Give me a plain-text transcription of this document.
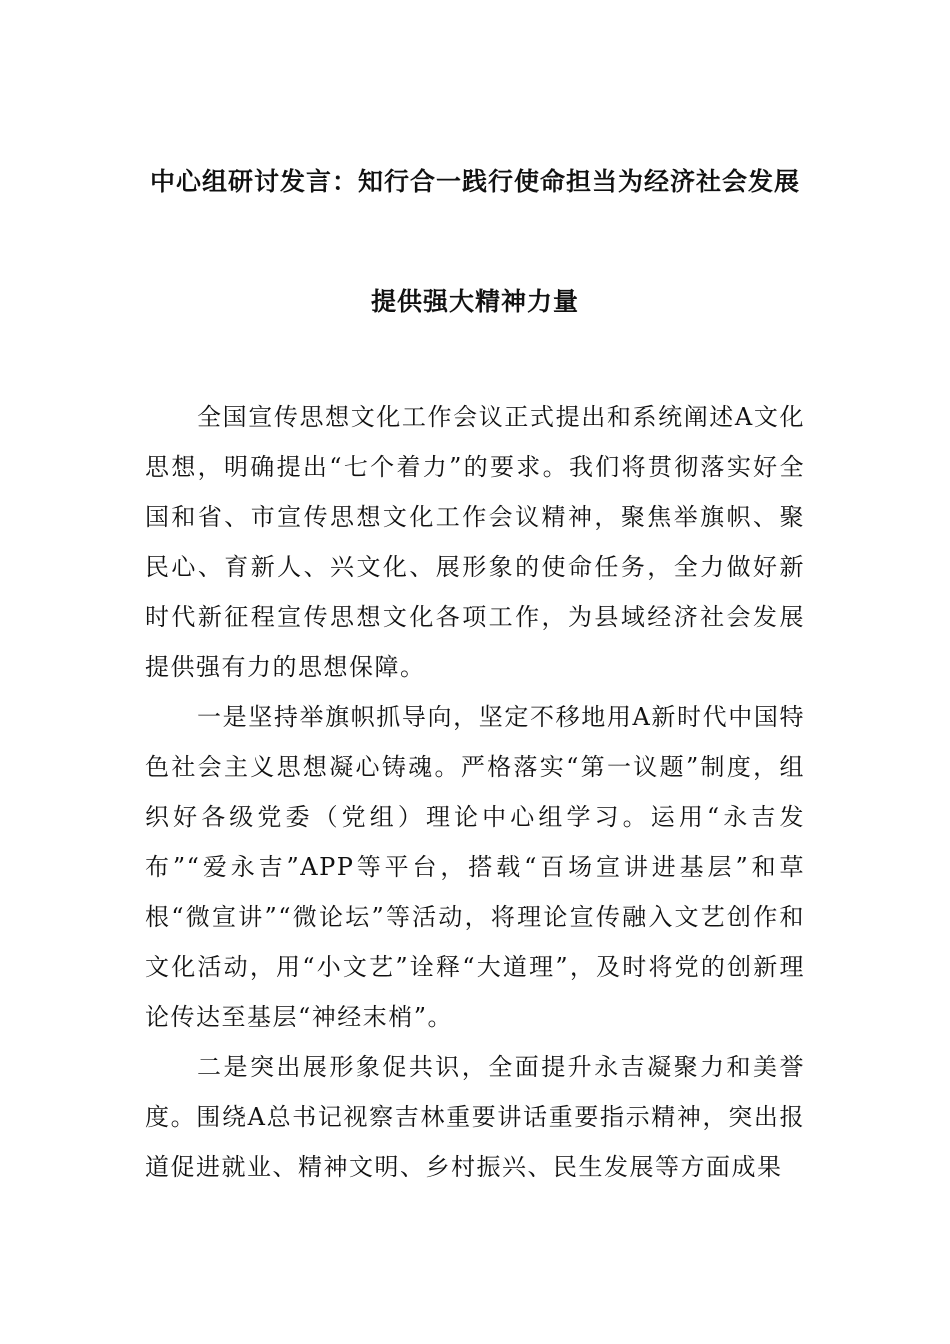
中心组研讨发言：知行合一践行使命担当为经济社会发展
提供强大精神力量

全国宣传思想文化工作会议正式提出和系统阐述A文化思想，明确提出“七个着力”的要求。我们将贯彻落实好全国和省、市宣传思想文化工作会议精神，聚焦举旗帜、聚民心、育新人、兴文化、展形象的使命任务，全力做好新时代新征程宣传思想文化各项工作，为县域经济社会发展提供强有力的思想保障。

一是坚持举旗帜抓导向，坚定不移地用A新时代中国特色社会主义思想凝心铸魂。严格落实“第一议题”制度，组织好各级党委（党组）理论中心组学习。运用“永吉发布”“爱永吉”APP等平台，搭载“百场宣讲进基层”和草根“微宣讲”“微论坛”等活动，将理论宣传融入文艺创作和文化活动，用“小文艺”诠释“大道理”，及时将党的创新理论传达至基层“神经末梢”。

二是突出展形象促共识，全面提升永吉凝聚力和美誉度。围绕A总书记视察吉林重要讲话重要指示精神，突出报道促进就业、精神文明、乡村振兴、民生发展等方面成果
